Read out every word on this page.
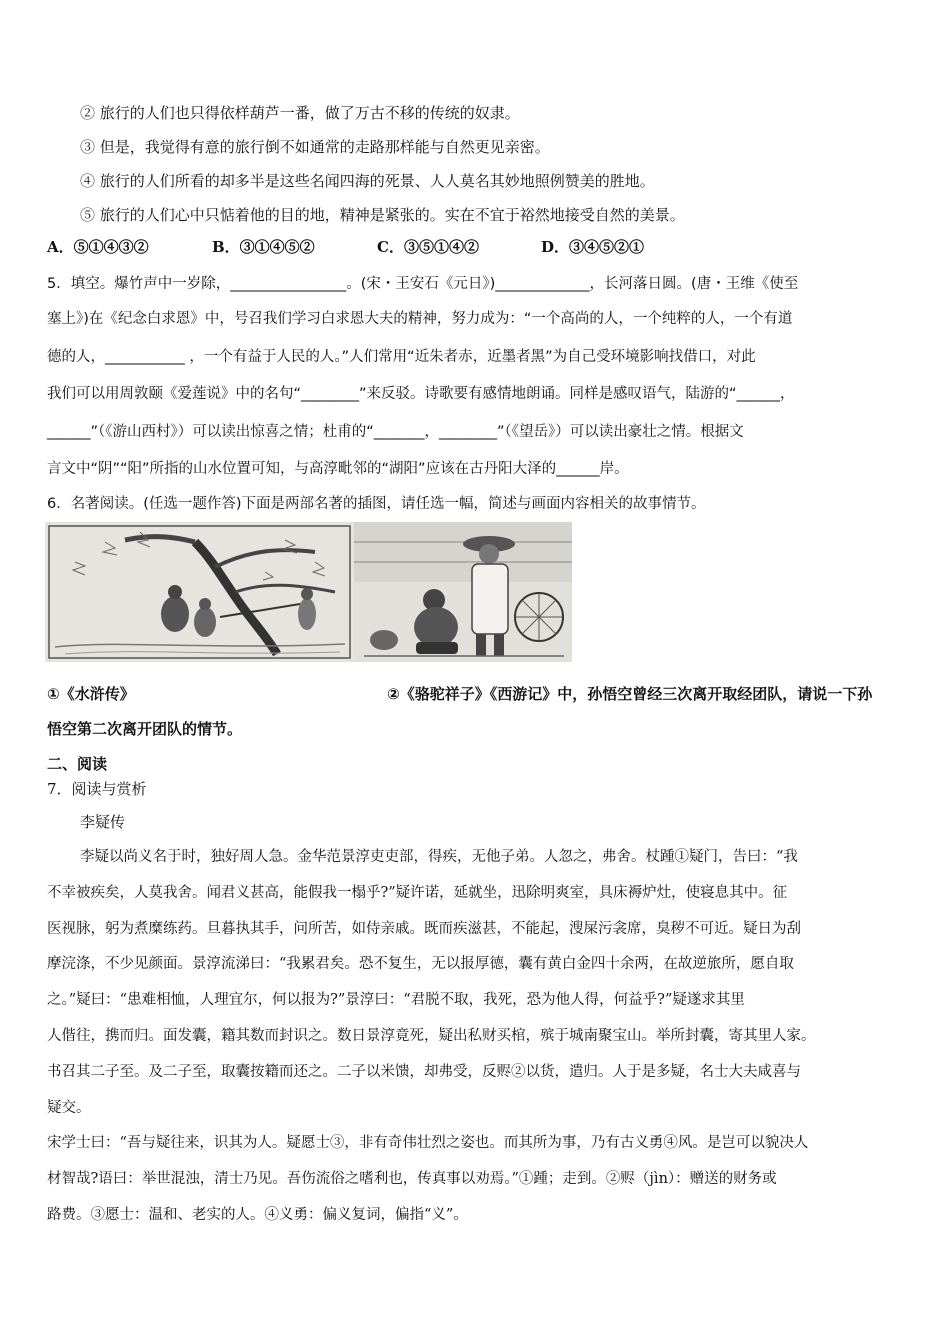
② 旅行的人们也只得依样葫芦一番，做了万古不移的传统的奴隶。
③ 但是，我觉得有意的旅行倒不如通常的走路那样能与自然更见亲密。
④ 旅行的人们所看的却多半是这些名闻四海的死景、人人莫名其妙地照例赞美的胜地。
⑤ 旅行的人们心中只惦着他的目的地，精神是紧张的。实在不宜于裕然地接受自然的美景。
A．⑤①④③②	B．③①④⑤②	C．③⑤①④②	D．③④⑤②①
5．填空。爆竹声中一岁除，________________。(宋・王安石《元日》)_____________，长河落日圆。(唐・王维《使至
塞上》)在《纪念白求恩》中，号召我们学习白求恩大夫的精神，努力成为：“一个高尚的人，一个纯粹的人，一个有道
德的人，___________ ，一个有益于人民的人。”人们常用“近朱者赤，近墨者黑”为自己受环境影响找借口，对此
我们可以用周敦颐《爱莲说》中的名句“________”来反驳。诗歌要有感情地朗诵。同样是感叹语气，陆游的“______，
______”（《游山西村》）可以读出惊喜之情；杜甫的“_______，________”（《望岳》）可以读出豪壮之情。根据文
言文中“阴”“阳”所指的山水位置可知，与高淳毗邻的“湖阳”应该在古丹阳大泽的______岸。
6．名著阅读。(任选一题作答)下面是两部名著的插图，请任选一幅，简述与画面内容相关的故事情节。
①《水浒传》	②《骆驼祥子》《西游记》中，孙悟空曾经三次离开取经团队，请说一下孙
悟空第二次离开团队的情节。
二、阅读
7．阅读与赏析
李疑传
李疑以尚义名于时，独好周人急。金华范景淳吏吏部，得疾，无他子弟。人忽之，弗舍。杖踵①疑门，告曰：“我
不幸被疾矣，人莫我舍。闻君义甚高，能假我一榻乎?”疑许诺，延就坐，迅除明爽室，具床褥炉灶，使寝息其中。征
医视脉，躬为煮糜练药。旦暮执其手，问所苦，如侍亲戚。既而疾滋甚，不能起，溲屎污衾席，臭秽不可近。疑日为刮
摩浣涤，不少见颜面。景淳流涕曰：“我累君矣。恐不复生，无以报厚德，囊有黄白金四十余两，在故逆旅所，愿自取
之。”疑曰：“患难相恤，人理宜尔，何以报为?”景淳曰：“君脱不取，我死，恐为他人得，何益乎?”疑遂求其里
人偕往，携而归。面发囊，籍其数而封识之。数日景淳竟死，疑出私财买棺，殡于城南聚宝山。举所封囊，寄其里人家。
书召其二子至。及二子至，取囊按籍而还之。二子以米馈，却弗受，反赆②以货，遣归。人于是多疑，名士大夫咸喜与
疑交。
宋学士曰：“吾与疑往来，识其为人。疑愿士③，非有奇伟壮烈之姿也。而其所为事，乃有古义勇④风。是岂可以貌决人
材智哉?语曰：举世混浊，清士乃见。吾伤流俗之嗜利也，传真事以劝焉。”①踵；走到。②赆（jìn）：赠送的财务或
路费。③愿士：温和、老实的人。④义勇：偏义复词，偏指“义”。
